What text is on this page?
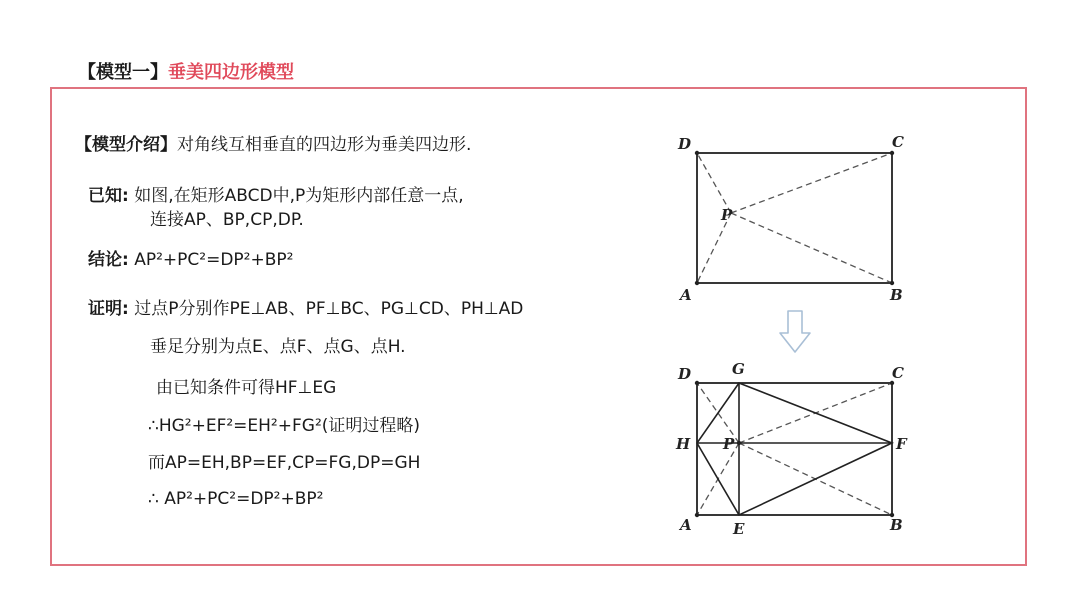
【模型一】垂美四边形模型
【模型介绍】对角线互相垂直的四边形为垂美四边形.
已知: 如图,在矩形ABCD中,P为矩形内部任意一点,
连接AP、BP,CP,DP.
结论: AP²+PC²=DP²+BP²
证明: 过点P分别作PE⊥AB、PF⊥BC、PG⊥CD、PH⊥AD
垂足分别为点E、点F、点G、点H.
由已知条件可得HF⊥EG
∴HG²+EF²=EH²+FG²(证明过程略)
而AP=EH,BP=EF,CP=FG,DP=GH
∴ AP²+PC²=DP²+BP²
D	C
A	B
P
D	G	C
H P	F
A	E	B
